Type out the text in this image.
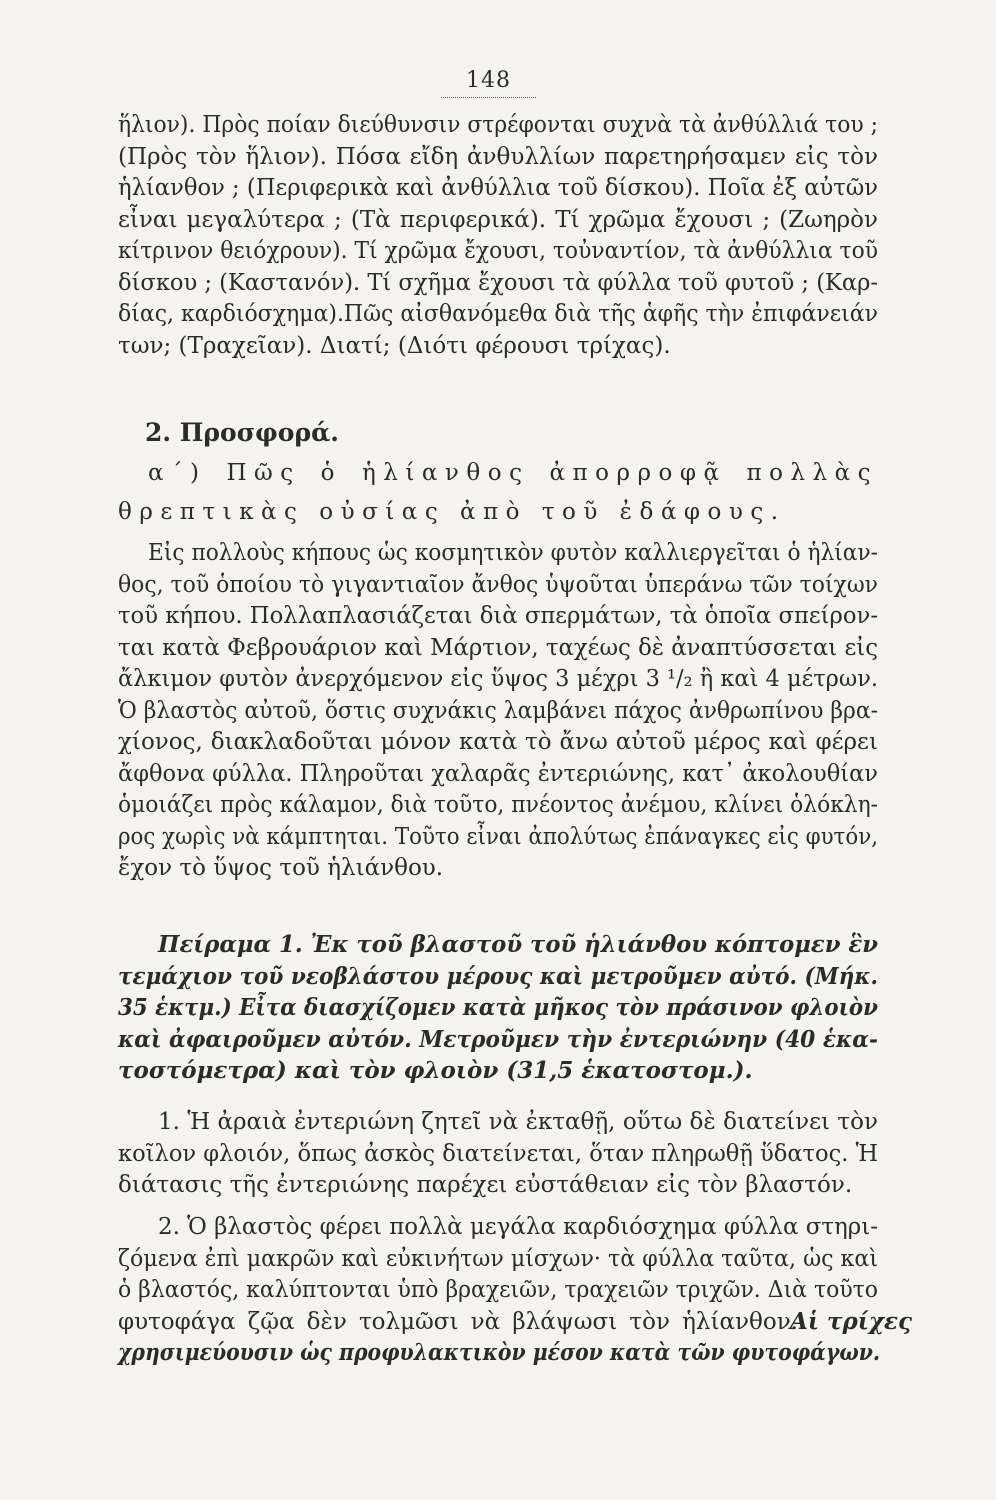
148
ἥλιον). Πρὸς ποίαν διεύθυνσιν στρέφονται συχνὰ τὰ ἀνθύλλιά του ;
(Πρὸς τὸν ἥλιον). Πόσα εἴδη ἀνθυλλίων παρετηρήσαμεν εἰς τὸν
ἡλίανθον ; (Περιφερικὰ καὶ ἀνθύλλια τοῦ δίσκου). Ποῖα ἐξ αὐτῶν
εἶναι μεγαλύτερα ; (Τὰ περιφερικά). Τί χρῶμα ἔχουσι ; (Ζωηρὸν
κίτρινον θειόχρουν). Τί χρῶμα ἔχουσι, τοὐναντίον, τὰ ἀνθύλλια τοῦ
δίσκου ; (Καστανόν). Τί σχῆμα ἔχουσι τὰ φύλλα τοῦ φυτοῦ ; (Καρ-
δίας, καρδιόσχημα).Πῶς αἰσθανόμεθα διὰ τῆς ἁφῆς τὴν ἐπιφάνειάν
των; (Τραχεῖαν). Διατί; (Διότι φέρουσι τρίχας).
2. Προσφορά.
α΄) Πῶς ὁ ἡλίανθος ἀπορροφᾷ πολλὰς
θρεπτικὰς οὐσίας ἀπὸ τοῦ ἐδάφους.
Εἰς πολλοὺς κήπους ὡς κοσμητικὸν φυτὸν καλλιεργεῖται ὁ ἡλίαν-
θος, τοῦ ὁποίου τὸ γιγαντιαῖον ἄνθος ὑψοῦται ὑπεράνω τῶν τοίχων
τοῦ κήπου. Πολλαπλασιάζεται διὰ σπερμάτων, τὰ ὁποῖα σπείρον-
ται κατὰ Φεβρουάριον καὶ Μάρτιον, ταχέως δὲ ἀναπτύσσεται εἰς
ἄλκιμον φυτὸν ἀνερχόμενον εἰς ὕψος 3 μέχρι 3 ¹/₂ ἢ καὶ 4 μέτρων.
Ὁ βλαστὸς αὐτοῦ, ὅστις συχνάκις λαμβάνει πάχος ἀνθρωπίνου βρα-
χίονος, διακλαδοῦται μόνον κατὰ τὸ ἄνω αὐτοῦ μέρος καὶ φέρει
ἄφθονα φύλλα. Πληροῦται χαλαρᾶς ἐντεριώνης, κατ᾽ ἀκολουθίαν
ὁμοιάζει πρὸς κάλαμον, διὰ τοῦτο, πνέοντος ἀνέμου, κλίνει ὁλόκλη-
ρος χωρὶς νὰ κάμπτηται. Τοῦτο εἶναι ἀπολύτως ἐπάναγκες εἰς φυτόν,
ἔχον τὸ ὕψος τοῦ ἡλιάνθου.
Πείραμα 1. Ἐκ τοῦ βλαστοῦ τοῦ ἡλιάνθου κόπτομεν ἓν
τεμάχιον τοῦ νεοβλάστου μέρους καὶ μετροῦμεν αὐτό. (Μήκ.
35 ἑκτμ.) Εἶτα διασχίζομεν κατὰ μῆκος τὸν πράσινον φλοιὸν
καὶ ἀφαιροῦμεν αὐτόν. Μετροῦμεν τὴν ἐντεριώνην (40 ἑκα-
τοστόμετρα) καὶ τὸν φλοιὸν (31,5 ἑκατοστομ.).
1. Ἡ ἀραιὰ ἐντεριώνη ζητεῖ νὰ ἐκταθῇ, οὕτω δὲ διατείνει τὸν
κοῖλον φλοιόν, ὅπως ἀσκὸς διατείνεται, ὅταν πληρωθῇ ὕδατος. Ἡ
διάτασις τῆς ἐντεριώνης παρέχει εὐστάθειαν εἰς τὸν βλαστόν.
2. Ὁ βλαστὸς φέρει πολλὰ μεγάλα καρδιόσχημα φύλλα στηρι-
ζόμενα ἐπὶ μακρῶν καὶ εὐκινήτων μίσχων· τὰ φύλλα ταῦτα, ὡς καὶ
ὁ βλαστός, καλύπτονται ὑπὸ βραχειῶν, τραχειῶν τριχῶν. Διὰ τοῦτο
φυτοφάγα ζῷα δὲν τολμῶσι νὰ βλάψωσι τὸν ἡλίανθον.
Αἱ τρίχες
χρησιμεύουσιν ὡς προφυλακτικὸν μέσον κατὰ τῶν φυτοφάγων.
